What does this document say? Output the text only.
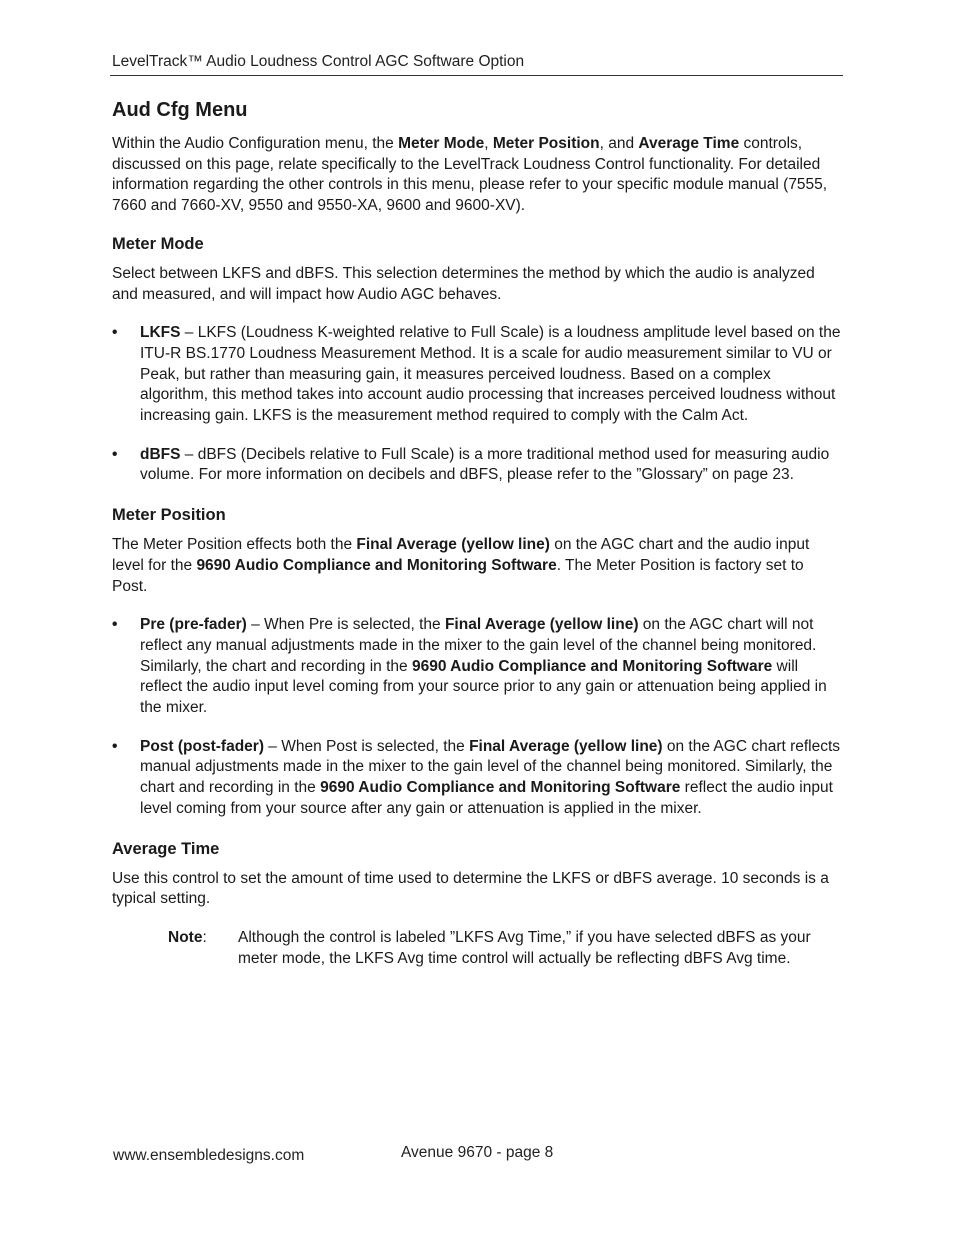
LevelTrack™ Audio Loudness Control AGC Software Option
Aud Cfg Menu

Within the Audio Configuration menu, the Meter Mode, Meter Position, and Average Time controls, discussed on this page, relate specifically to the LevelTrack Loudness Control functionality. For detailed information regarding the other controls in this menu, please refer to your specific module manual (7555, 7660 and 7660-XV, 9550 and 9550-XA, 9600 and 9600-XV).

Meter Mode

Select between LKFS and dBFS. This selection determines the method by which the audio is analyzed and measured, and will impact how Audio AGC behaves.

• LKFS – LKFS (Loudness K-weighted relative to Full Scale) is a loudness amplitude level based on the ITU-R BS.1770 Loudness Measurement Method. It is a scale for audio measurement similar to VU or Peak, but rather than measuring gain, it measures perceived loudness. Based on a complex algorithm, this method takes into account audio processing that increases perceived loudness without increasing gain. LKFS is the measurement method required to comply with the Calm Act.
• dBFS – dBFS (Decibels relative to Full Scale) is a more traditional method used for measuring audio volume. For more information on decibels and dBFS, please refer to the ”Glossary” on page 23.
Meter Position

The Meter Position effects both the Final Average (yellow line) on the AGC chart and the audio input level for the 9690 Audio Compliance and Monitoring Software. The Meter Position is factory set to Post.

• Pre (pre-fader) – When Pre is selected, the Final Average (yellow line) on the AGC chart will not reflect any manual adjustments made in the mixer to the gain level of the channel being monitored. Similarly, the chart and recording in the 9690 Audio Compliance and Monitoring Software will reflect the audio input level coming from your source prior to any gain or attenuation being applied in the mixer.
• Post (post-fader) – When Post is selected, the Final Average (yellow line) on the AGC chart reflects manual adjustments made in the mixer to the gain level of the channel being monitored. Similarly, the chart and recording in the 9690 Audio Compliance and Monitoring Software reflect the audio input level coming from your source after any gain or attenuation is applied in the mixer.
Average Time

Use this control to set the amount of time used to determine the LKFS or dBFS average. 10 seconds is a typical setting.

Note: Although the control is labeled ”LKFS Avg Time,” if you have selected dBFS as your meter mode, the LKFS Avg time control will actually be reflecting dBFS Avg time.
www.ensembledesigns.com	Avenue 9670 - page 8
